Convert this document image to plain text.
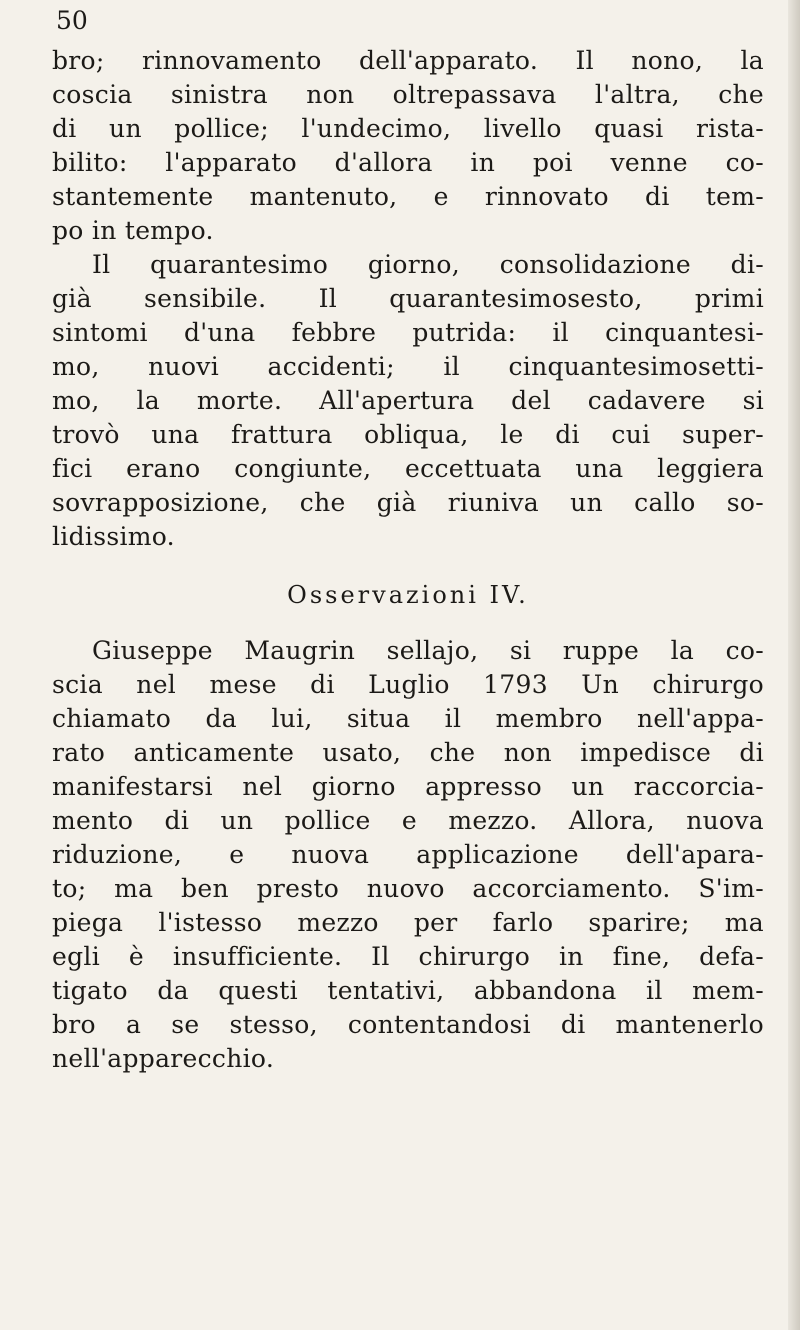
50
bro; rinnovamento dell'apparato. Il nono, la
coscia sinistra non oltrepassava l'altra, che
di un pollice; l'undecimo, livello quasi rista-
bilito: l'apparato d'allora in poi venne co-
stantemente mantenuto, e rinnovato di tem-
po in tempo.
Il quarantesimo giorno, consolidazione di-
già sensibile. Il quarantesimosesto, primi
sintomi d'una febbre putrida: il cinquantesi-
mo, nuovi accidenti; il cinquantesimosetti-
mo, la morte. All'apertura del cadavere si
trovò una frattura obliqua, le di cui super-
fici erano congiunte, eccettuata una leggiera
sovrapposizione, che già riuniva un callo so-
lidissimo.
Osservazioni IV.
Giuseppe Maugrin sellajo, si ruppe la co-
scia nel mese di Luglio 1793 Un chirurgo
chiamato da lui, situa il membro nell'appa-
rato anticamente usato, che non impedisce di
manifestarsi nel giorno appresso un raccorcia-
mento di un pollice e mezzo. Allora, nuova
riduzione, e nuova applicazione dell'apara-
to; ma ben presto nuovo accorciamento. S'im-
piega l'istesso mezzo per farlo sparire; ma
egli è insufficiente. Il chirurgo in fine, defa-
tigato da questi tentativi, abbandona il mem-
bro a se stesso, contentandosi di mantenerlo
nell'apparecchio.
